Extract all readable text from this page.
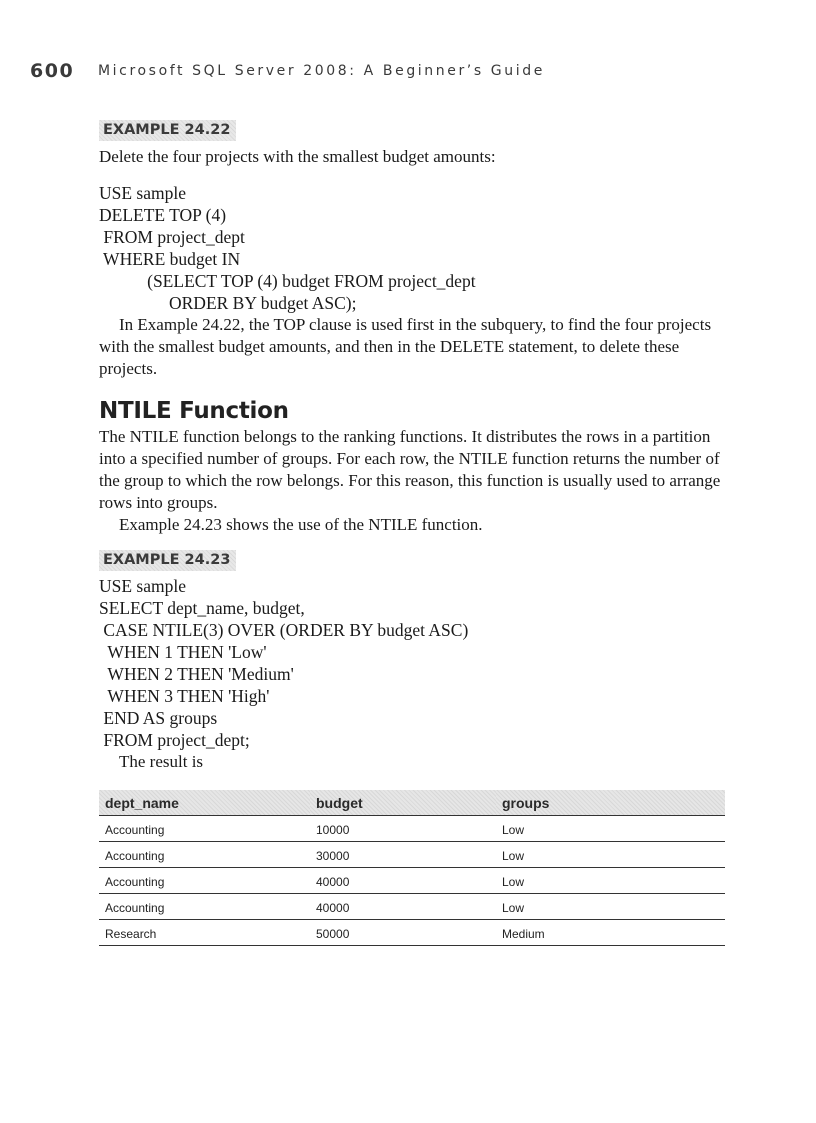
600 Microsoft SQL Server 2008: A Beginner’s Guide
EXAMPLE 24.22

Delete the four projects with the smallest budget amounts:

USE sample
DELETE TOP (4)
FROM project_dept
WHERE budget IN
(SELECT TOP (4) budget FROM project_dept
ORDER BY budget ASC);

In Example 24.22, the TOP clause is used first in the subquery, to find the four projects with the smallest budget amounts, and then in the DELETE statement, to delete these projects.

NTILE Function

The NTILE function belongs to the ranking functions. It distributes the rows in a partition into a specified number of groups. For each row, the NTILE function returns the number of the group to which the row belongs. For this reason, this function is usually used to arrange rows into groups.

Example 24.23 shows the use of the NTILE function.

EXAMPLE 24.23
USE sample
SELECT dept_name, budget,
CASE NTILE(3) OVER (ORDER BY budget ASC)
WHEN 1 THEN 'Low'
WHEN 2 THEN 'Medium'
WHEN 3 THEN 'High'
END AS groups
FROM project_dept;

The result is

dept_name	budget	groups
Accounting	10000	Low
Accounting	30000	Low
Accounting	40000	Low
Accounting	40000	Low
Research	50000	Medium
